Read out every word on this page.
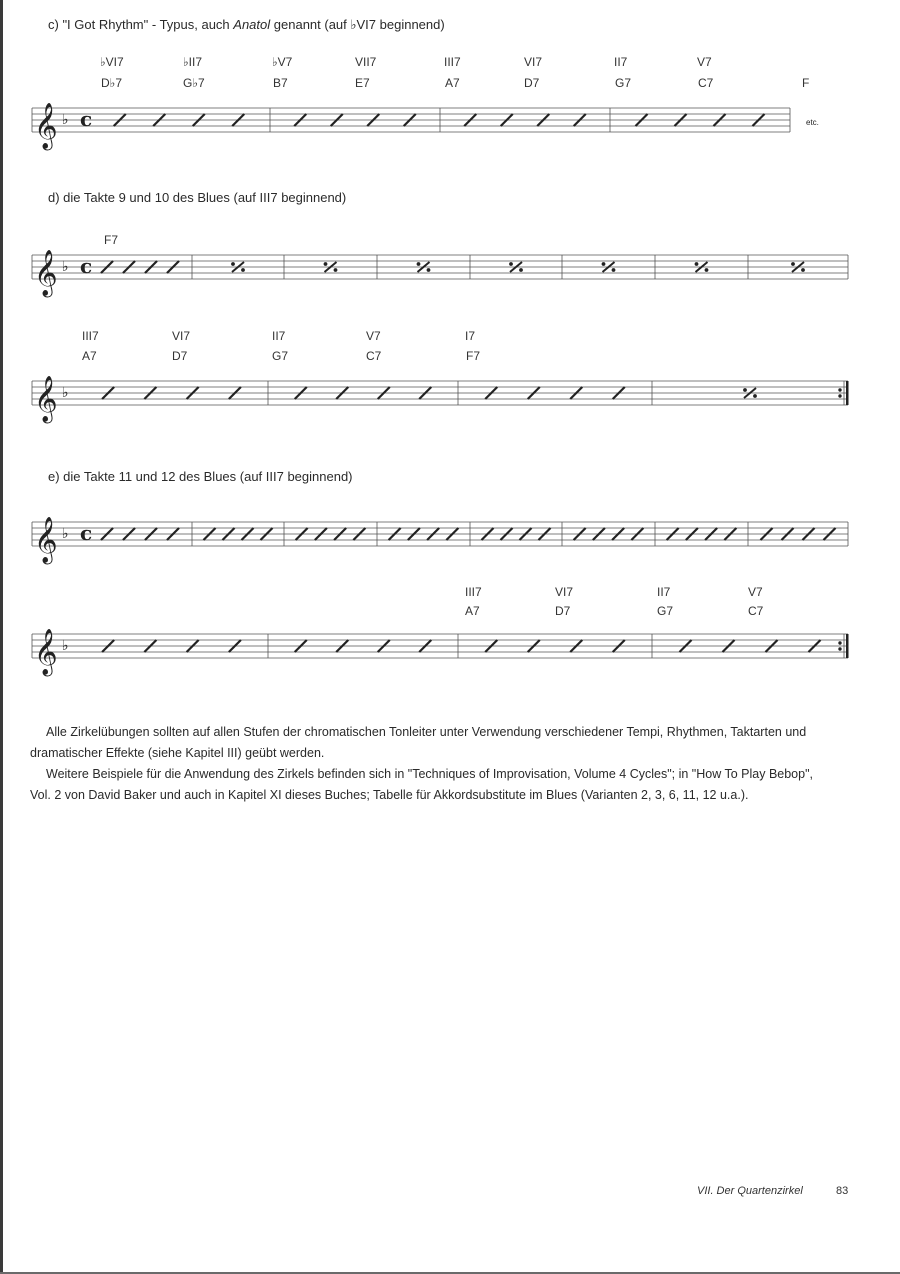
c) "I Got Rhythm" - Typus, auch Anatol genannt (auf ♭VI7 beginnend)
♭VI7	♭II7	♭V7	VII7	III7	VI7	II7	V7
D♭7	G♭7	B7	E7	A7	D7	G7	C7	F
d) die Takte 9 und 10 des Blues (auf III7 beginnend)
F7
III7	VI7	II7	V7	I7
A7	D7	G7	C7	F7
e) die Takte 11 und 12 des Blues (auf III7 beginnend)
III7	VI7	II7	V7
A7	D7	G7	C7
𝄞 ♭ c
𝄞 ♭ c
𝄞 ♭
𝄞 ♭ c
𝄞 ♭
etc.

Alle Zirkelübungen sollten auf allen Stufen der chromatischen Tonleiter unter Verwendung verschiedener Tempi, Rhythmen, Taktarten und dramatischer Effekte (siehe Kapitel III) geübt werden.

Weitere Beispiele für die Anwendung des Zirkels befinden sich in "Techniques of Improvisation, Volume 4 Cycles"; in "How To Play Bebop", Vol. 2 von David Baker und auch in Kapitel XI dieses Buches; Tabelle für Akkordsubstitute im Blues (Varianten 2, 3, 6, 11, 12 u.a.).

VII. Der Quartenzirkel	83
